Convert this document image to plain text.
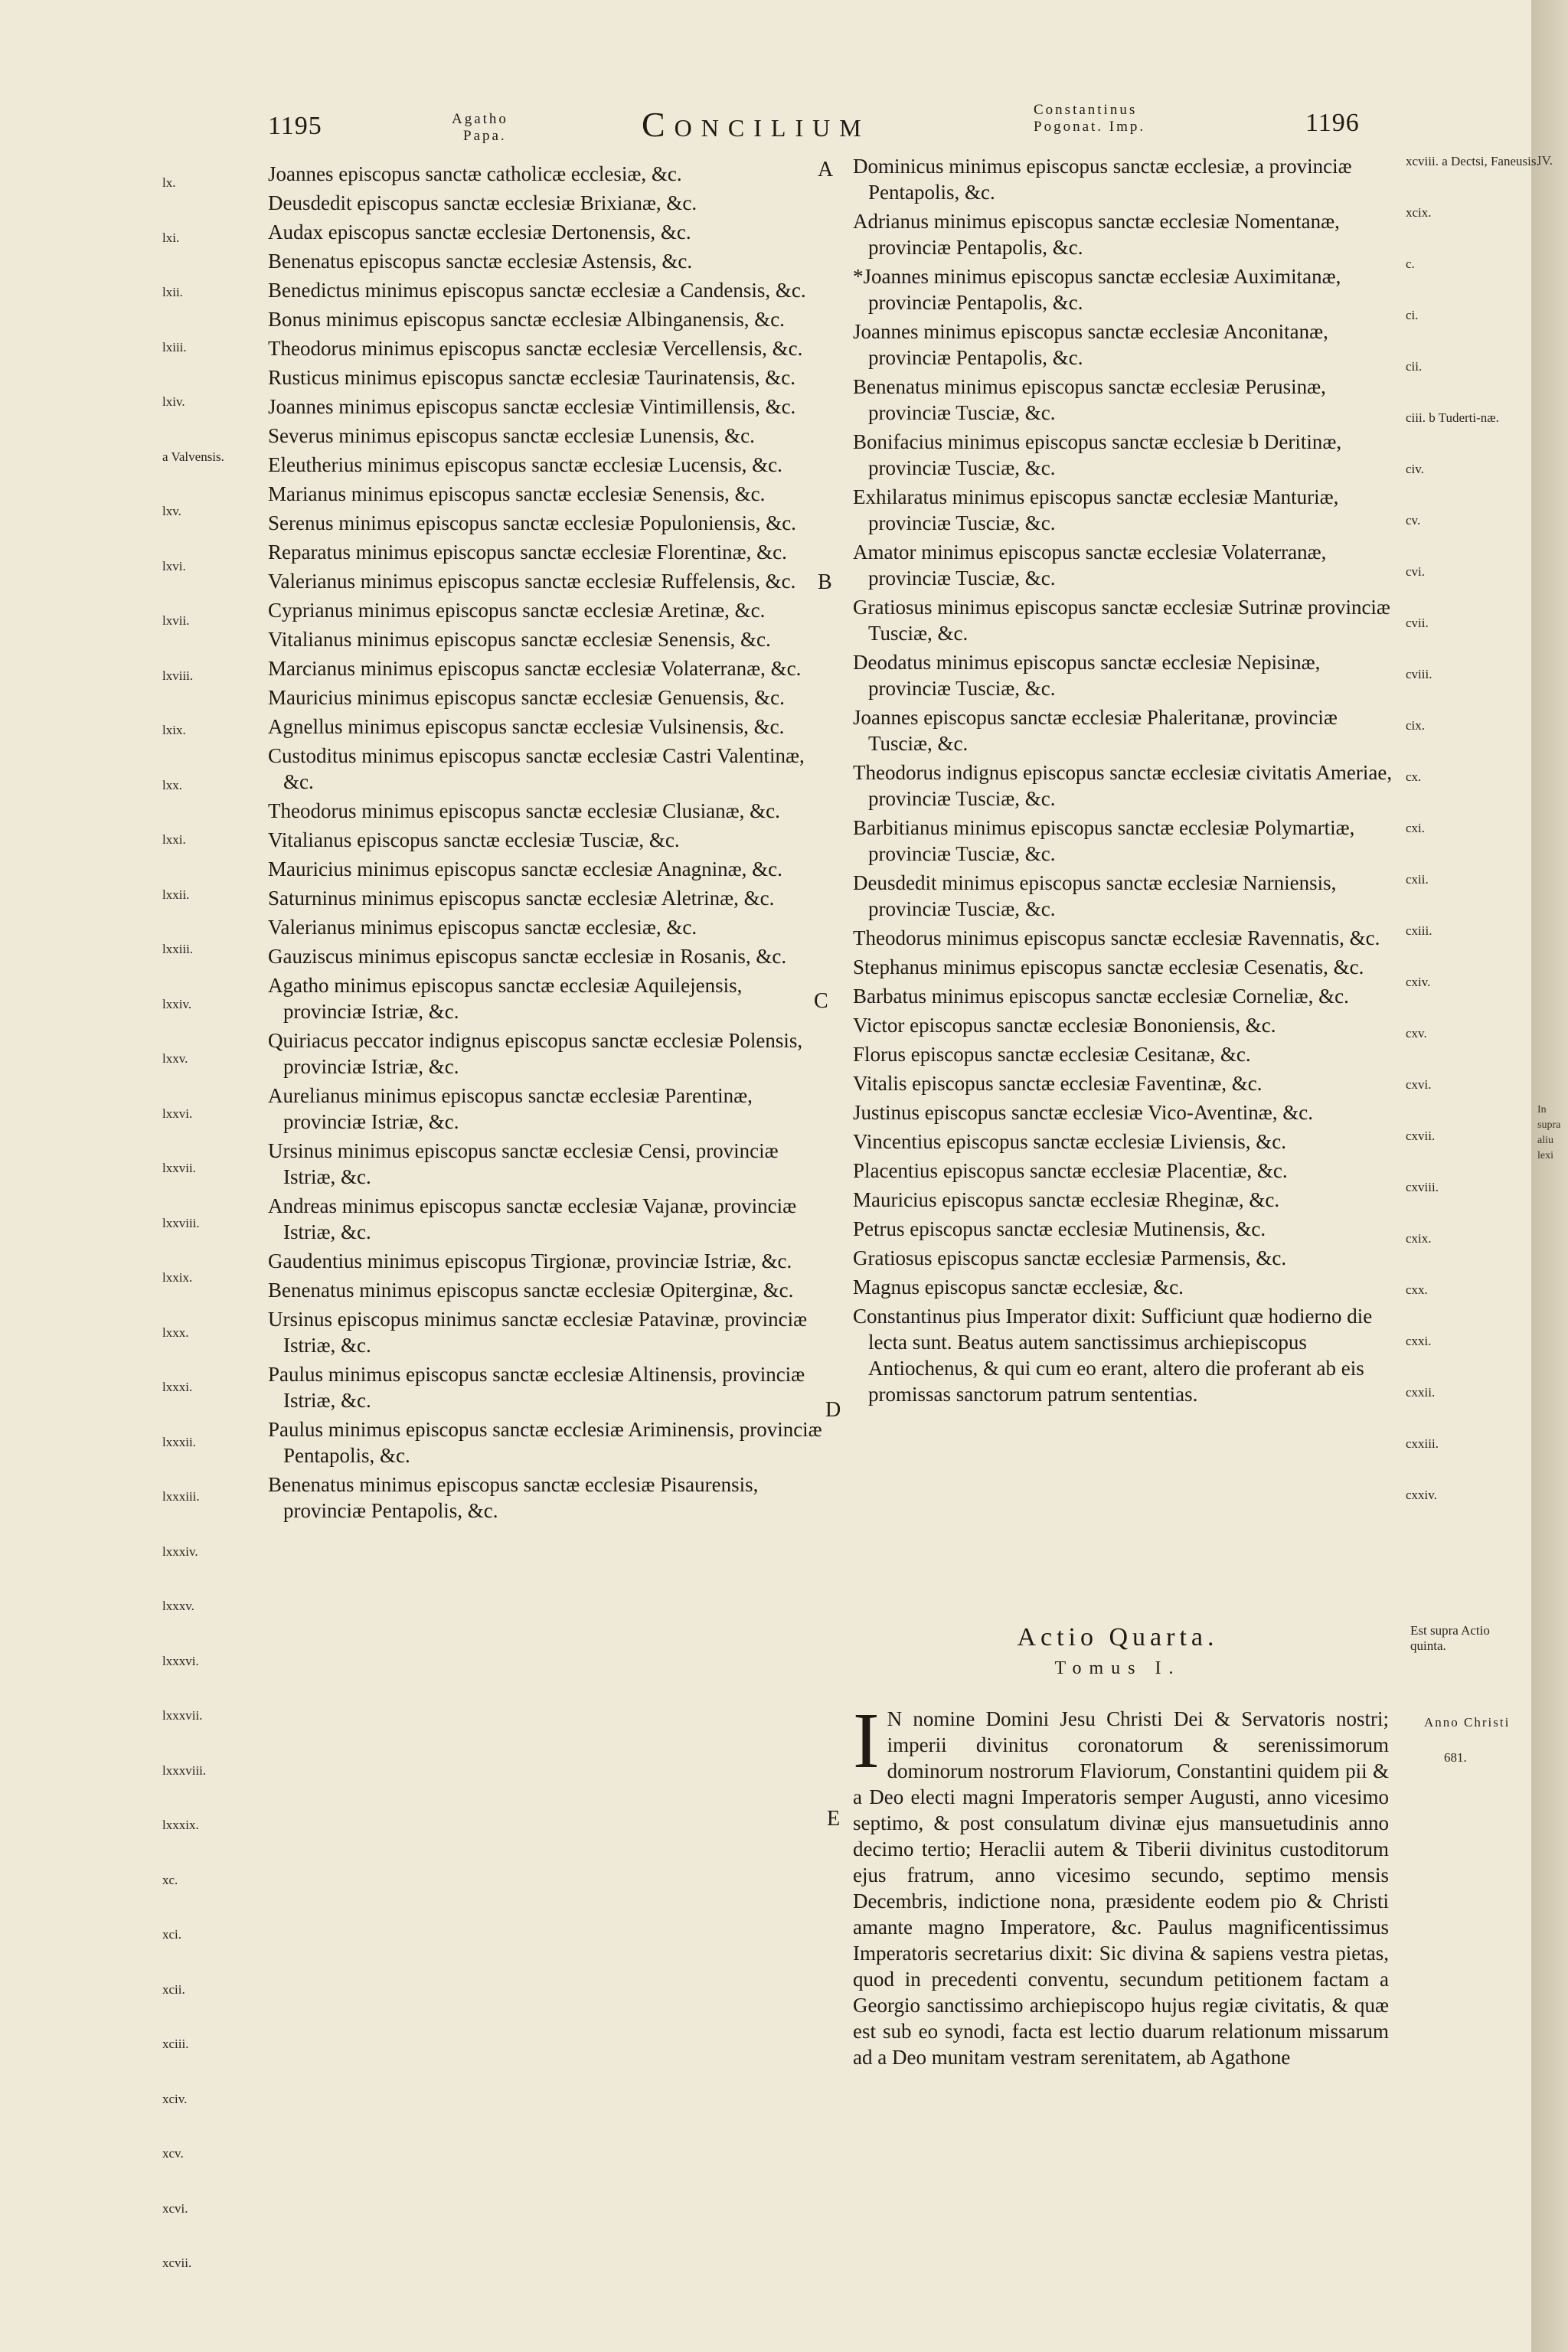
IV.
In supra aliu lexi
1195	Agatho
Papa.	Concilium	Constantinus
Pogonat. Imp.	1196

Joannes episcopus sanctæ catholicæ ecclesiæ, &c.

Deusdedit episcopus sanctæ ecclesiæ Brixianæ, &c.

Audax episcopus sanctæ ecclesiæ Dertonensis, &c.

Benenatus episcopus sanctæ ecclesiæ Astensis, &c.

Benedictus minimus episcopus sanctæ ecclesiæ a Candensis, &c.

Bonus minimus episcopus sanctæ ecclesiæ Albinganensis, &c.

Theodorus minimus episcopus sanctæ ecclesiæ Vercellensis, &c.

Rusticus minimus episcopus sanctæ ecclesiæ Taurinatensis, &c.

Joannes minimus episcopus sanctæ ecclesiæ Vintimillensis, &c.

Severus minimus episcopus sanctæ ecclesiæ Lunensis, &c.

Eleutherius minimus episcopus sanctæ ecclesiæ Lucensis, &c.

Marianus minimus episcopus sanctæ ecclesiæ Senensis, &c.

Serenus minimus episcopus sanctæ ecclesiæ Populoniensis, &c.

Reparatus minimus episcopus sanctæ ecclesiæ Florentinæ, &c.

Valerianus minimus episcopus sanctæ ecclesiæ Ruffelensis, &c.

Cyprianus minimus episcopus sanctæ ecclesiæ Aretinæ, &c.

Vitalianus minimus episcopus sanctæ ecclesiæ Senensis, &c.

Marcianus minimus episcopus sanctæ ecclesiæ Volaterranæ, &c.

Mauricius minimus episcopus sanctæ ecclesiæ Genuensis, &c.

Agnellus minimus episcopus sanctæ ecclesiæ Vulsinensis, &c.

Custoditus minimus episcopus sanctæ ecclesiæ Castri Valentinæ, &c.

Theodorus minimus episcopus sanctæ ecclesiæ Clusianæ, &c.

Vitalianus episcopus sanctæ ecclesiæ Tusciæ, &c.

Mauricius minimus episcopus sanctæ ecclesiæ Anagninæ, &c.

Saturninus minimus episcopus sanctæ ecclesiæ Aletrinæ, &c.

Valerianus minimus episcopus sanctæ ecclesiæ, &c.

Gauziscus minimus episcopus sanctæ ecclesiæ in Rosanis, &c.

Agatho minimus episcopus sanctæ ecclesiæ Aquilejensis, provinciæ Istriæ, &c.

Quiriacus peccator indignus episcopus sanctæ ecclesiæ Polensis, provinciæ Istriæ, &c.

Aurelianus minimus episcopus sanctæ ecclesiæ Parentinæ, provinciæ Istriæ, &c.

Ursinus minimus episcopus sanctæ ecclesiæ Censi, provinciæ Istriæ, &c.

Andreas minimus episcopus sanctæ ecclesiæ Vajanæ, provinciæ Istriæ, &c.

Gaudentius minimus episcopus Tirgionæ, provinciæ Istriæ, &c.

Benenatus minimus episcopus sanctæ ecclesiæ Opiterginæ, &c.

Ursinus episcopus minimus sanctæ ecclesiæ Patavinæ, provinciæ Istriæ, &c.

Paulus minimus episcopus sanctæ ecclesiæ Altinensis, provinciæ Istriæ, &c.

Paulus minimus episcopus sanctæ ecclesiæ Ariminensis, provinciæ Pentapolis, &c.

Benenatus minimus episcopus sanctæ ecclesiæ Pisaurensis, provinciæ Pentapolis, &c.

Dominicus minimus episcopus sanctæ ecclesiæ, a provinciæ Pentapolis, &c.

Adrianus minimus episcopus sanctæ ecclesiæ Nomentanæ, provinciæ Pentapolis, &c.

*Joannes minimus episcopus sanctæ ecclesiæ Auximitanæ, provinciæ Pentapolis, &c.

Joannes minimus episcopus sanctæ ecclesiæ Anconitanæ, provinciæ Pentapolis, &c.

Benenatus minimus episcopus sanctæ ecclesiæ Perusinæ, provinciæ Tusciæ, &c.

Bonifacius minimus episcopus sanctæ ecclesiæ b Deritinæ, provinciæ Tusciæ, &c.

Exhilaratus minimus episcopus sanctæ ecclesiæ Manturiæ, provinciæ Tusciæ, &c.

Amator minimus episcopus sanctæ ecclesiæ Volaterranæ, provinciæ Tusciæ, &c.

Gratiosus minimus episcopus sanctæ ecclesiæ Sutrinæ provinciæ Tusciæ, &c.

Deodatus minimus episcopus sanctæ ecclesiæ Nepisinæ, provinciæ Tusciæ, &c.

Joannes episcopus sanctæ ecclesiæ Phaleritanæ, provinciæ Tusciæ, &c.

Theodorus indignus episcopus sanctæ ecclesiæ civitatis Ameriae, provinciæ Tusciæ, &c.

Barbitianus minimus episcopus sanctæ ecclesiæ Polymartiæ, provinciæ Tusciæ, &c.

Deusdedit minimus episcopus sanctæ ecclesiæ Narniensis, provinciæ Tusciæ, &c.

Theodorus minimus episcopus sanctæ ecclesiæ Ravennatis, &c.

Stephanus minimus episcopus sanctæ ecclesiæ Cesenatis, &c.

Barbatus minimus episcopus sanctæ ecclesiæ Corneliæ, &c.

Victor episcopus sanctæ ecclesiæ Bononiensis, &c.

Florus episcopus sanctæ ecclesiæ Cesitanæ, &c.

Vitalis episcopus sanctæ ecclesiæ Faventinæ, &c.

Justinus episcopus sanctæ ecclesiæ Vico-Aventinæ, &c.

Vincentius episcopus sanctæ ecclesiæ Liviensis, &c.

Placentius episcopus sanctæ ecclesiæ Placentiæ, &c.

Mauricius episcopus sanctæ ecclesiæ Rheginæ, &c.

Petrus episcopus sanctæ ecclesiæ Mutinensis, &c.

Gratiosus episcopus sanctæ ecclesiæ Parmensis, &c.

Magnus episcopus sanctæ ecclesiæ, &c.

Constantinus pius Imperator dixit: Sufficiunt quæ hodierno die lecta sunt. Beatus autem sanctissimus archiepiscopus Antiochenus, & qui cum eo erant, altero die proferant ab eis promissas sanctorum patrum sententias.

A
B
C
D
E
lx.
lxi.
lxii.
lxiii.
lxiv.
a Valvensis.
lxv.
lxvi.
lxvii.
lxviii.
lxix.
lxx.
lxxi.
lxxii.
lxxiii.
lxxiv.
lxxv.
lxxvi.
lxxvii.
lxxviii.
lxxix.
lxxx.
lxxxi.
lxxxii.
lxxxiii.
lxxxiv.
lxxxv.
lxxxvi.
lxxxvii.
lxxxviii.
lxxxix.
xc.
xci.
xcii.
xciii.
xciv.
xcv.
xcvi.
xcvii.
xcviii. a Dectsi, Faneusis.
xcix.
c.
ci.
cii.
ciii. b Tuderti-næ.
civ.
cv.
cvi.
cvii.
cviii.
cix.
cx.
cxi.
cxii.
cxiii.
cxiv.
cxv.
cxvi.
cxvii.
cxviii.
cxix.
cxx.
cxxi.
cxxii.
cxxiii.
cxxiv.
Actio Quarta.
Tomus I.
Est supra Actio quinta.
Anno Christi
681.
I N nomine Domini Jesu Christi Dei & Servatoris nostri; imperii divinitus coronatorum & serenissimorum dominorum nostrorum Flaviorum, Constantini quidem pii & a Deo electi magni Imperatoris semper Augusti, anno vicesimo septimo, & post consulatum divinæ ejus mansuetudinis anno decimo tertio; Heraclii autem & Tiberii divinitus custoditorum ejus fratrum, anno vicesimo secundo, septimo mensis Decembris, indictione nona, præsidente eodem pio & Christi amante magno Imperatore, &c. Paulus magnificentissimus Imperatoris secretarius dixit: Sic divina & sapiens vestra pietas, quod in precedenti conventu, secundum petitionem factam a Georgio sanctissimo archiepiscopo hujus regiæ civitatis, & quæ est sub eo synodi, facta est lectio duarum relationum missarum ad a Deo munitam vestram serenitatem, ab Agathone
